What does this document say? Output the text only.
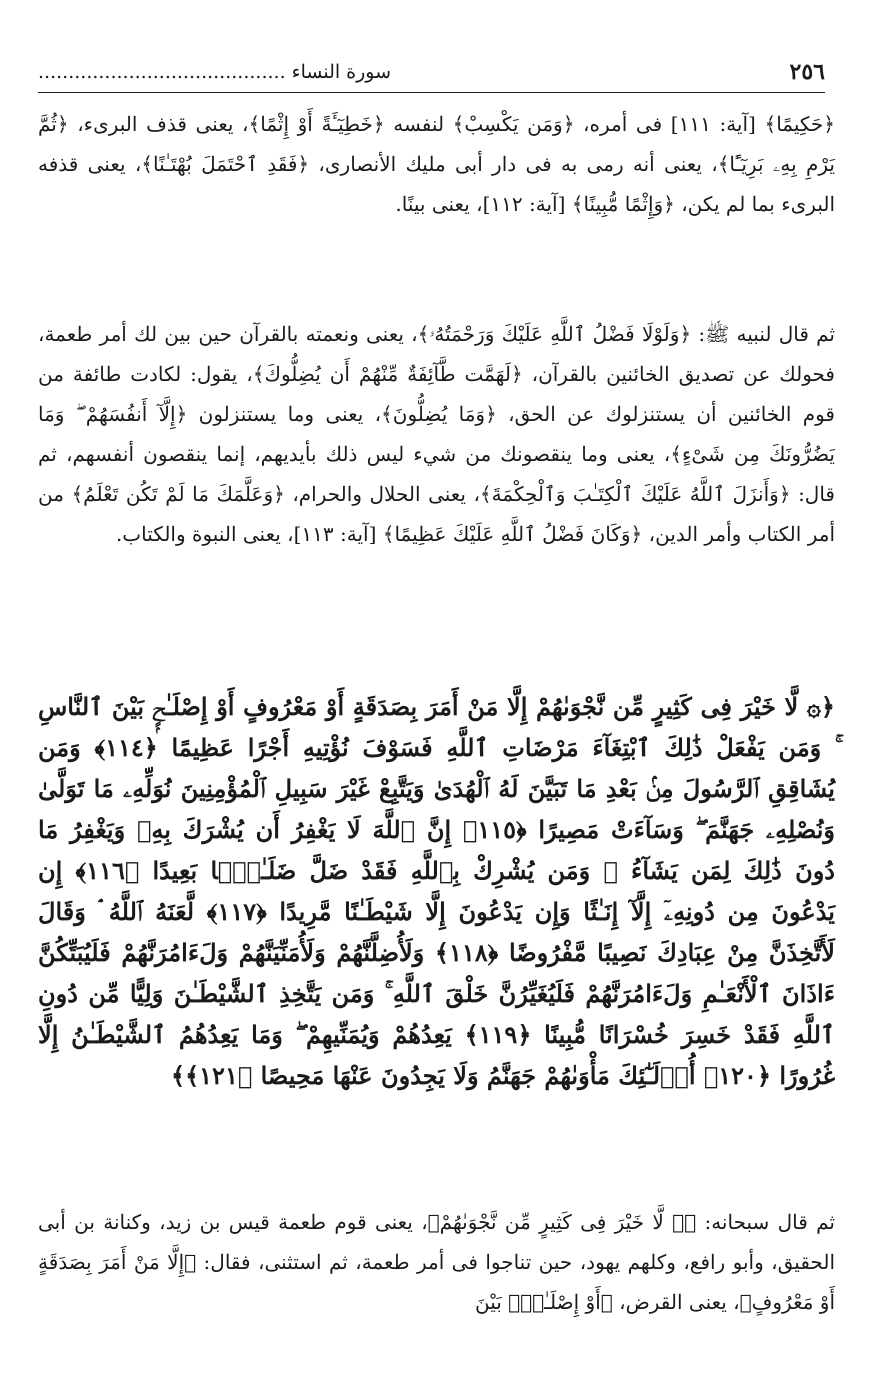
٢٥٦
سورة النساء .........................................

﴿حَكِيمًا﴾ [آية: ١١١] فى أمره، ﴿وَمَن يَكْسِبْ﴾ لنفسه ﴿خَطِيٓـَٔةً أَوْ إِثْمًا﴾، يعنى قذف البرىء، ﴿ثُمَّ يَرْمِ بِهِۦ بَرِيٓـًٔا﴾، يعنى أنه رمى به فى دار أبى مليك الأنصارى، ﴿فَقَدِ ٱحْتَمَلَ بُهْتَـٰنًا﴾، يعنى قذفه البرىء بما لم يكن، ﴿وَإِثْمًا مُّبِينًا﴾ [آية: ١١٢]، يعنى بينًا.

ثم قال لنبيه ﷺ: ﴿وَلَوْلَا فَضْلُ ٱللَّهِ عَلَيْكَ وَرَحْمَتُهُۥ﴾، يعنى ونعمته بالقرآن حين بين لك أمر طعمة، فحولك عن تصديق الخائنين بالقرآن، ﴿لَهَمَّت طَّآئِفَةٌ مِّنْهُمْ أَن يُضِلُّوكَ﴾، يقول: لكادت طائفة من قوم الخائنين أن يستنزلوك عن الحق، ﴿وَمَا يُضِلُّونَ﴾، يعنى وما يستنزلون ﴿إِلَّآ أَنفُسَهُمْ ۖ وَمَا يَضُرُّونَكَ مِن شَىْءٍ﴾، يعنى وما ينقصونك من شيء ليس ذلك بأيديهم، إنما ينقصون أنفسهم، ثم قال: ﴿وَأَنزَلَ ٱللَّهُ عَلَيْكَ ٱلْكِتَـٰبَ وَٱلْحِكْمَةَ﴾، يعنى الحلال والحرام، ﴿وَعَلَّمَكَ مَا لَمْ تَكُن تَعْلَمُ﴾ من أمر الكتاب وأمر الدين، ﴿وَكَانَ فَضْلُ ٱللَّهِ عَلَيْكَ عَظِيمًا﴾ [آية: ١١٣]، يعنى النبوة والكتاب.

﴿۞ لَّا خَيْرَ فِى كَثِيرٍ مِّن نَّجْوَىٰهُمْ إِلَّا مَنْ أَمَرَ بِصَدَقَةٍ أَوْ مَعْرُوفٍ أَوْ إِصْلَـٰحٍۭ بَيْنَ ٱلنَّاسِ ۚ وَمَن يَفْعَلْ ذَٰلِكَ ٱبْتِغَآءَ مَرْضَاتِ ٱللَّهِ فَسَوْفَ نُؤْتِيهِ أَجْرًا عَظِيمًا ﴿١١٤﴾ وَمَن يُشَاقِقِ ٱلرَّسُولَ مِنۢ بَعْدِ مَا تَبَيَّنَ لَهُ ٱلْهُدَىٰ وَيَتَّبِعْ غَيْرَ سَبِيلِ ٱلْمُؤْمِنِينَ نُوَلِّهِۦ مَا تَوَلَّىٰ وَنُصْلِهِۦ جَهَنَّمَ ۖ وَسَآءَتْ مَصِيرًا ﴿١١٥﴾ إِنَّ ٱللَّهَ لَا يَغْفِرُ أَن يُشْرَكَ بِهِۦ وَيَغْفِرُ مَا دُونَ ذَٰلِكَ لِمَن يَشَآءُ ۚ وَمَن يُشْرِكْ بِٱللَّهِ فَقَدْ ضَلَّ ضَلَـٰلًۢا بَعِيدًا ﴿١١٦﴾ إِن يَدْعُونَ مِن دُونِهِۦٓ إِلَّآ إِنَـٰثًا وَإِن يَدْعُونَ إِلَّا شَيْطَـٰنًا مَّرِيدًا ﴿١١٧﴾ لَّعَنَهُ ٱللَّهُ ۘ وَقَالَ لَأَتَّخِذَنَّ مِنْ عِبَادِكَ نَصِيبًا مَّفْرُوضًا ﴿١١٨﴾ وَلَأُضِلَّنَّهُمْ وَلَأُمَنِّيَنَّهُمْ وَلَءَامُرَنَّهُمْ فَلَيُبَتِّكُنَّ ءَاذَانَ ٱلْأَنْعَـٰمِ وَلَءَامُرَنَّهُمْ فَلَيُغَيِّرُنَّ خَلْقَ ٱللَّهِ ۚ وَمَن يَتَّخِذِ ٱلشَّيْطَـٰنَ وَلِيًّا مِّن دُونِ ٱللَّهِ فَقَدْ خَسِرَ خُسْرَانًا مُّبِينًا ﴿١١٩﴾ يَعِدُهُمْ وَيُمَنِّيهِمْ ۖ وَمَا يَعِدُهُمُ ٱلشَّيْطَـٰنُ إِلَّا غُرُورًا ﴿١٢٠﴾ أُو۟لَـٰٓئِكَ مَأْوَىٰهُمْ جَهَنَّمُ وَلَا يَجِدُونَ عَنْهَا مَحِيصًا ﴿١٢١﴾﴾

ثم قال سبحانه: ﴿۞ لَّا خَيْرَ فِى كَثِيرٍ مِّن نَّجْوَىٰهُمْ﴾، يعنى قوم طعمة قيس بن زيد، وكنانة بن أبى الحقيق، وأبو رافع، وكلهم يهود، حين تناجوا فى أمر طعمة، ثم استثنى، فقال: ﴿إِلَّا مَنْ أَمَرَ بِصَدَقَةٍ أَوْ مَعْرُوفٍ﴾، يعنى القرض، ﴿أَوْ إِصْلَـٰحٍۭ بَيْنَ
